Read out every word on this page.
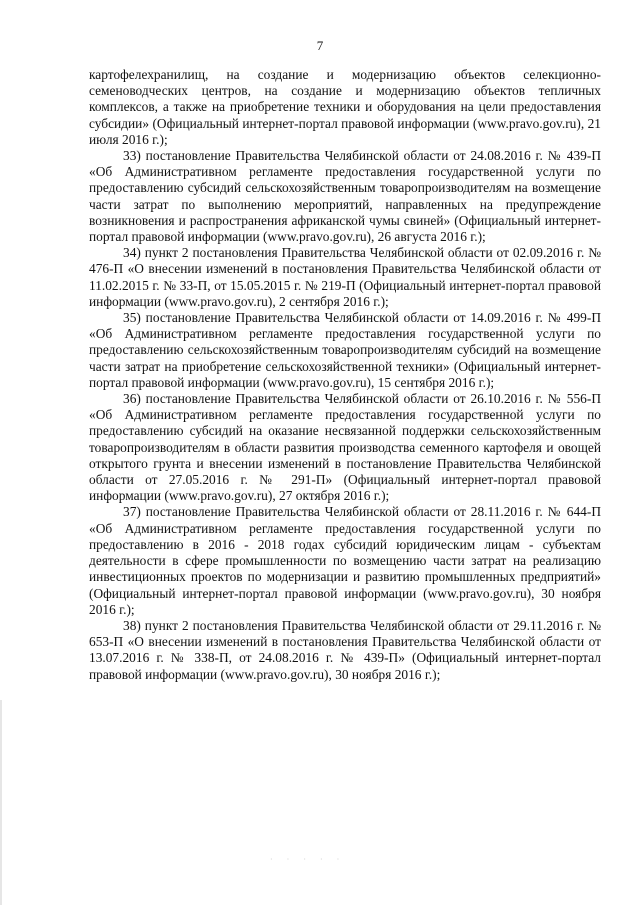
7

картофелехранилищ, на создание и модернизацию объектов селекционно-семеноводческих центров, на создание и модернизацию объектов тепличных комплексов, а также на приобретение техники и оборудования на цели предоставления субсидии» (Официальный интернет-портал правовой информации (www.pravo.gov.ru), 21 июля 2016 г.);

33) постановление Правительства Челябинской области от 24.08.2016 г. № 439-П «Об Административном регламенте предоставления государственной услуги по предоставлению субсидий сельскохозяйственным товаропроизводителям на возмещение части затрат по выполнению мероприятий, направленных на предупреждение возникновения и распространения африканской чумы свиней» (Официальный интернет-портал правовой информации (www.pravo.gov.ru), 26 августа 2016 г.);

34) пункт 2 постановления Правительства Челябинской области от 02.09.2016 г. № 476-П «О внесении изменений в постановления Правительства Челябинской области от 11.02.2015 г. № 33-П, от 15.05.2015 г. № 219-П (Официальный интернет-портал правовой информации (www.pravo.gov.ru), 2 сентября 2016 г.);

35) постановление Правительства Челябинской области от 14.09.2016 г. № 499-П «Об Административном регламенте предоставления государственной услуги по предоставлению сельскохозяйственным товаропроизводителям субсидий на возмещение части затрат на приобретение сельскохозяйственной техники» (Официальный интернет-портал правовой информации (www.pravo.gov.ru), 15 сентября 2016 г.);

36) постановление Правительства Челябинской области от 26.10.2016 г. № 556-П «Об Административном регламенте предоставления государственной услуги по предоставлению субсидий на оказание несвязанной поддержки сельскохозяйственным товаропроизводителям в области развития производства семенного картофеля и овощей открытого грунта и внесении изменений в постановление Правительства Челябинской области от 27.05.2016 г. № 291-П» (Официальный интернет-портал правовой информации (www.pravo.gov.ru), 27 октября 2016 г.);

37) постановление Правительства Челябинской области от 28.11.2016 г. № 644-П «Об Административном регламенте предоставления государственной услуги по предоставлению в 2016 - 2018 годах субсидий юридическим лицам - субъектам деятельности в сфере промышленности по возмещению части затрат на реализацию инвестиционных проектов по модернизации и развитию промышленных предприятий» (Официальный интернет-портал правовой информации (www.pravo.gov.ru), 30 ноября 2016 г.);

38) пункт 2 постановления Правительства Челябинской области от 29.11.2016 г. № 653-П «О внесении изменений в постановления Правительства Челябинской области от 13.07.2016 г. № 338-П, от 24.08.2016 г. № 439-П» (Официальный интернет-портал правовой информации (www.pravo.gov.ru), 30 ноября 2016 г.);

· · · · ·
